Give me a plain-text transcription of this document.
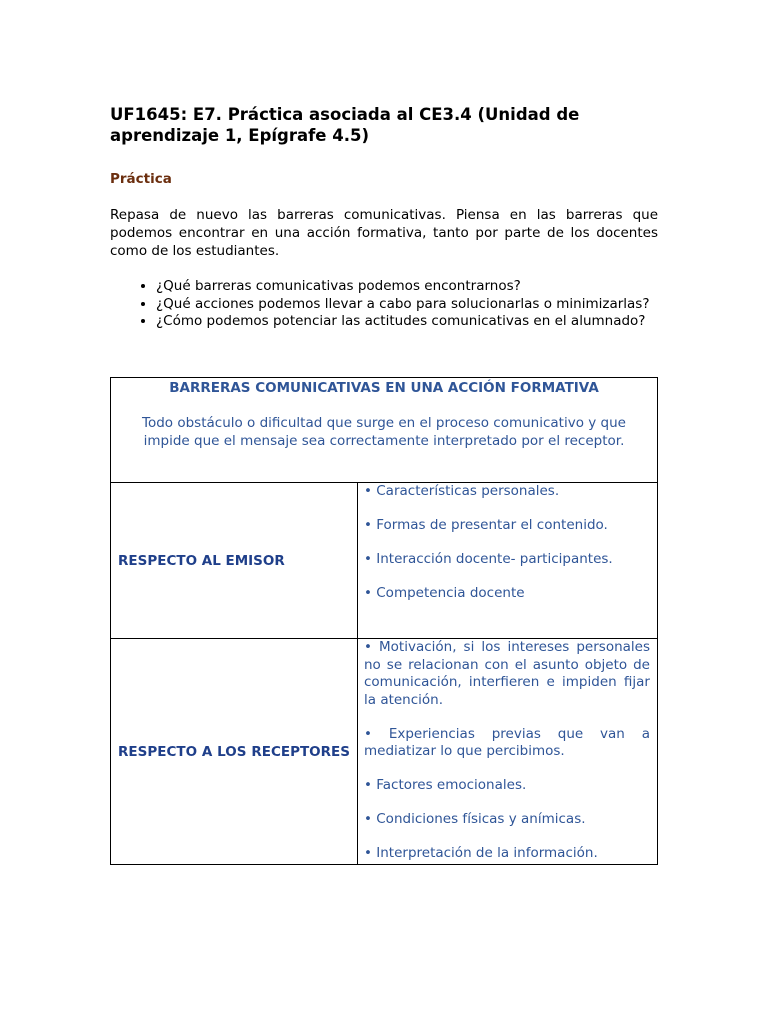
UF1645: E7. Práctica asociada al CE3.4 (Unidad de aprendizaje 1, Epígrafe 4.5)
Práctica
Repasa de nuevo las barreras comunicativas. Piensa en las barreras que podemos encontrar en una acción formativa, tanto por parte de los docentes como de los estudiantes.
• ¿Qué barreras comunicativas podemos encontrarnos?
• ¿Qué acciones podemos llevar a cabo para solucionarlas o minimizarlas?
• ¿Cómo podemos potenciar las actitudes comunicativas en el alumnado?
BARRERAS COMUNICATIVAS EN UNA ACCIÓN FORMATIVA
Todo obstáculo o dificultad que surge en el proceso comunicativo y que impide que el mensaje sea correctamente interpretado por el receptor.	

RESPECTO AL EMISOR	• Características personales.

• Formas de presentar el contenido.

• Interacción docente- participantes.

• Competencia docente

RESPECTO A LOS RECEPTORES	• Motivación, si los intereses personales no se relacionan con el asunto objeto de comunicación, interfieren e impiden fijar la atención.

• Experiencias previas que van a mediatizar lo que percibimos.

• Factores emocionales.

• Condiciones físicas y anímicas.

• Interpretación de la información.
